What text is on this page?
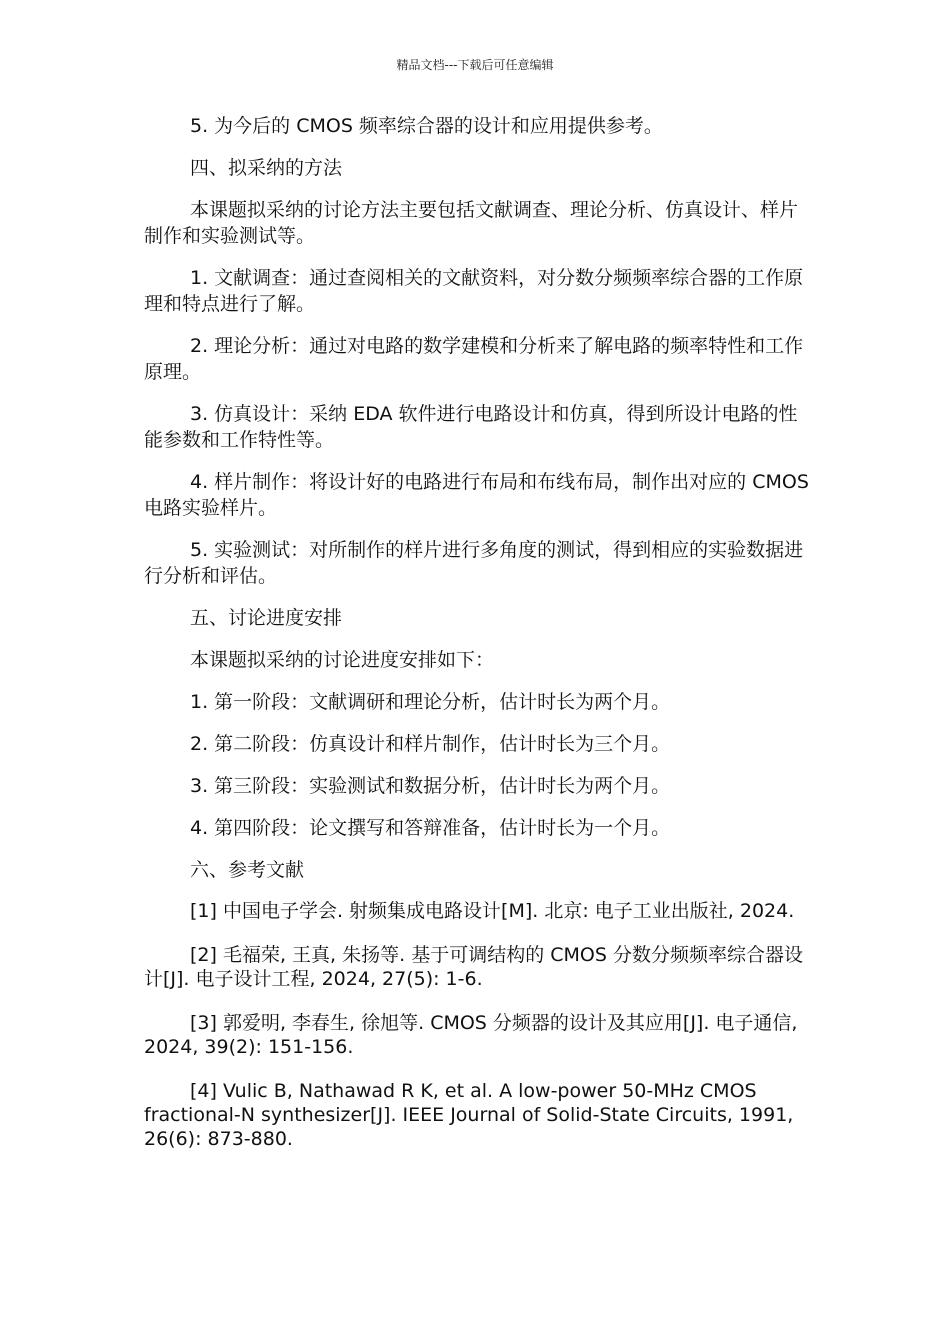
精品文档---下载后可任意编辑

5. 为今后的 CMOS 频率综合器的设计和应用提供参考。

四、拟采纳的方法

本课题拟采纳的讨论方法主要包括文献调查、理论分析、仿真设计、样片制作和实验测试等。

1. 文献调查：通过查阅相关的文献资料，对分数分频频率综合器的工作原理和特点进行了解。

2. 理论分析：通过对电路的数学建模和分析来了解电路的频率特性和工作原理。

3. 仿真设计：采纳 EDA 软件进行电路设计和仿真，得到所设计电路的性能参数和工作特性等。

4. 样片制作：将设计好的电路进行布局和布线布局，制作出对应的 CMOS 电路实验样片。

5. 实验测试：对所制作的样片进行多角度的测试，得到相应的实验数据进行分析和评估。

五、讨论进度安排

本课题拟采纳的讨论进度安排如下：

1. 第一阶段：文献调研和理论分析，估计时长为两个月。

2. 第二阶段：仿真设计和样片制作，估计时长为三个月。

3. 第三阶段：实验测试和数据分析，估计时长为两个月。

4. 第四阶段：论文撰写和答辩准备，估计时长为一个月。

六、参考文献

[1] 中国电子学会. 射频集成电路设计[M]. 北京: 电子工业出版社, 2024.

[2] 毛福荣, 王真, 朱扬等. 基于可调结构的 CMOS 分数分频频率综合器设计[J]. 电子设计工程, 2024, 27(5): 1-6.

[3] 郭爱明, 李春生, 徐旭等. CMOS 分频器的设计及其应用[J]. 电子通信, 2024, 39(2): 151-156.

[4] Vulic B, Nathawad R K, et al. A low-power 50-MHz CMOS fractional-N synthesizer[J]. IEEE Journal of Solid-State Circuits, 1991, 26(6): 873-880.
